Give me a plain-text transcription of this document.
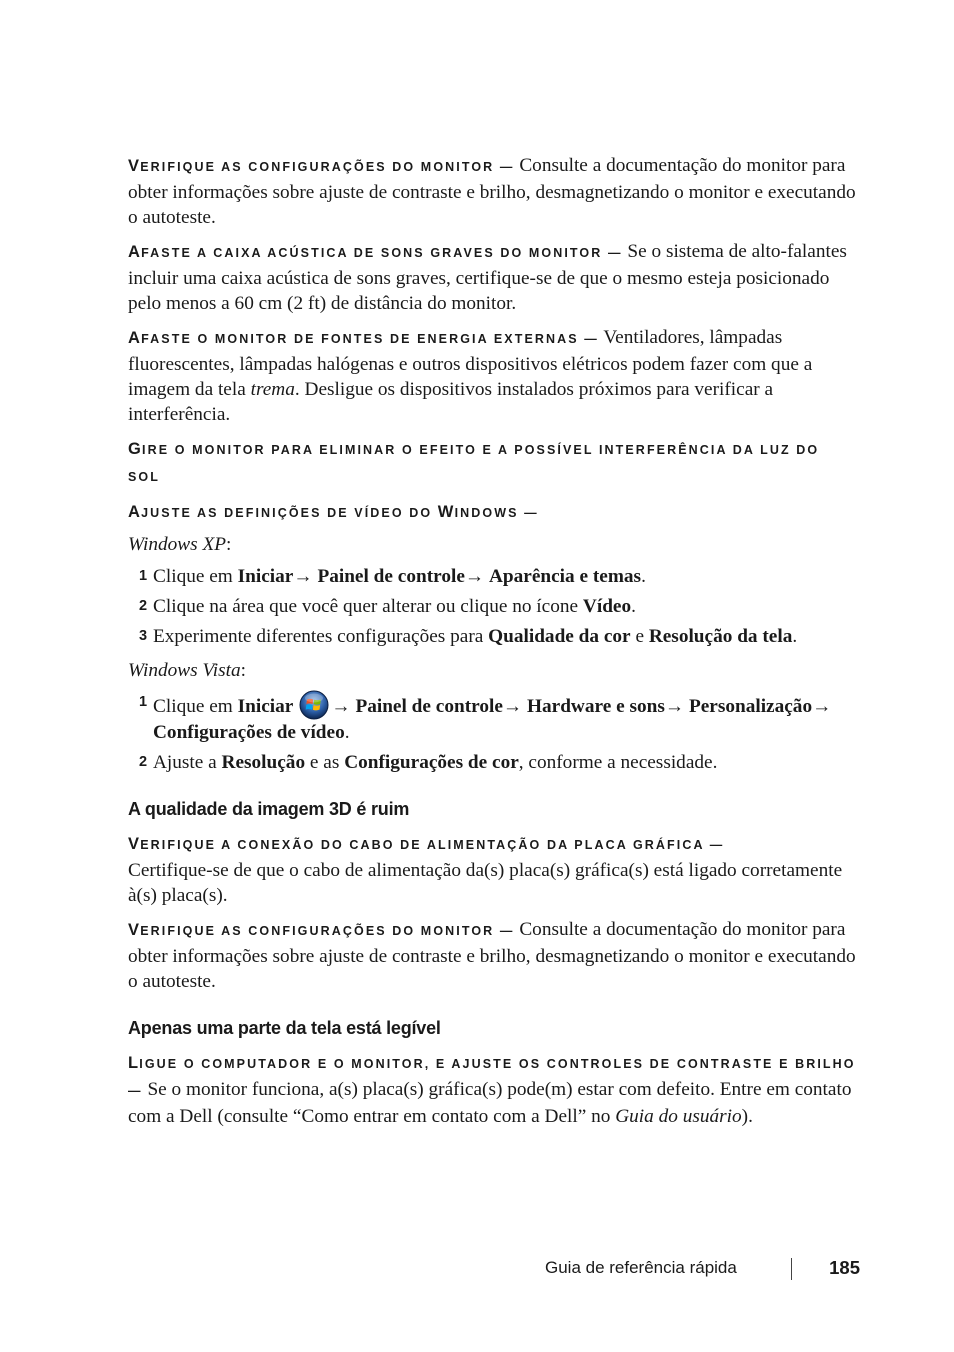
VERIFIQUE AS CONFIGURAÇÕES DO MONITOR — Consulte a documentação do monitor para obter informações sobre ajuste de contraste e brilho, desmagnetizando o monitor e executando o autoteste.

AFASTE A CAIXA ACÚSTICA DE SONS GRAVES DO MONITOR — Se o sistema de alto-falantes incluir uma caixa acústica de sons graves, certifique-se de que o mesmo esteja posicionado pelo menos a 60 cm (2 ft) de distância do monitor.

AFASTE O MONITOR DE FONTES DE ENERGIA EXTERNAS — Ventiladores, lâmpadas fluorescentes, lâmpadas halógenas e outros dispositivos elétricos podem fazer com que a imagem da tela trema. Desligue os dispositivos instalados próximos para verificar a interferência.

GIRE O MONITOR PARA ELIMINAR O EFEITO E A POSSÍVEL INTERFERÊNCIA DA LUZ DO SOL

AJUSTE AS DEFINIÇÕES DE VÍDEO DO WINDOWS —

Windows XP:

1 Clique em Iniciar→ Painel de controle→ Aparência e temas.
2 Clique na área que você quer alterar ou clique no ícone Vídeo.
3 Experimente diferentes configurações para Qualidade da cor e Resolução da tela.

Windows Vista:

1 Clique em Iniciar → Painel de controle→ Hardware e sons→ Personalização→ Configurações de vídeo.
2 Ajuste a Resolução e as Configurações de cor, conforme a necessidade.
A qualidade da imagem 3D é ruim

VERIFIQUE A CONEXÃO DO CABO DE ALIMENTAÇÃO DA PLACA GRÁFICA —
Certifique-se de que o cabo de alimentação da(s) placa(s) gráfica(s) está ligado corretamente à(s) placa(s).

VERIFIQUE AS CONFIGURAÇÕES DO MONITOR — Consulte a documentação do monitor para obter informações sobre ajuste de contraste e brilho, desmagnetizando o monitor e executando o autoteste.

Apenas uma parte da tela está legível

LIGUE O COMPUTADOR E O MONITOR, E AJUSTE OS CONTROLES DE CONTRASTE E BRILHO — Se o monitor funciona, a(s) placa(s) gráfica(s) pode(m) estar com defeito. Entre em contato com a Dell (consulte “Como entrar em contato com a Dell” no Guia do usuário).

Guia de referência rápida	185
